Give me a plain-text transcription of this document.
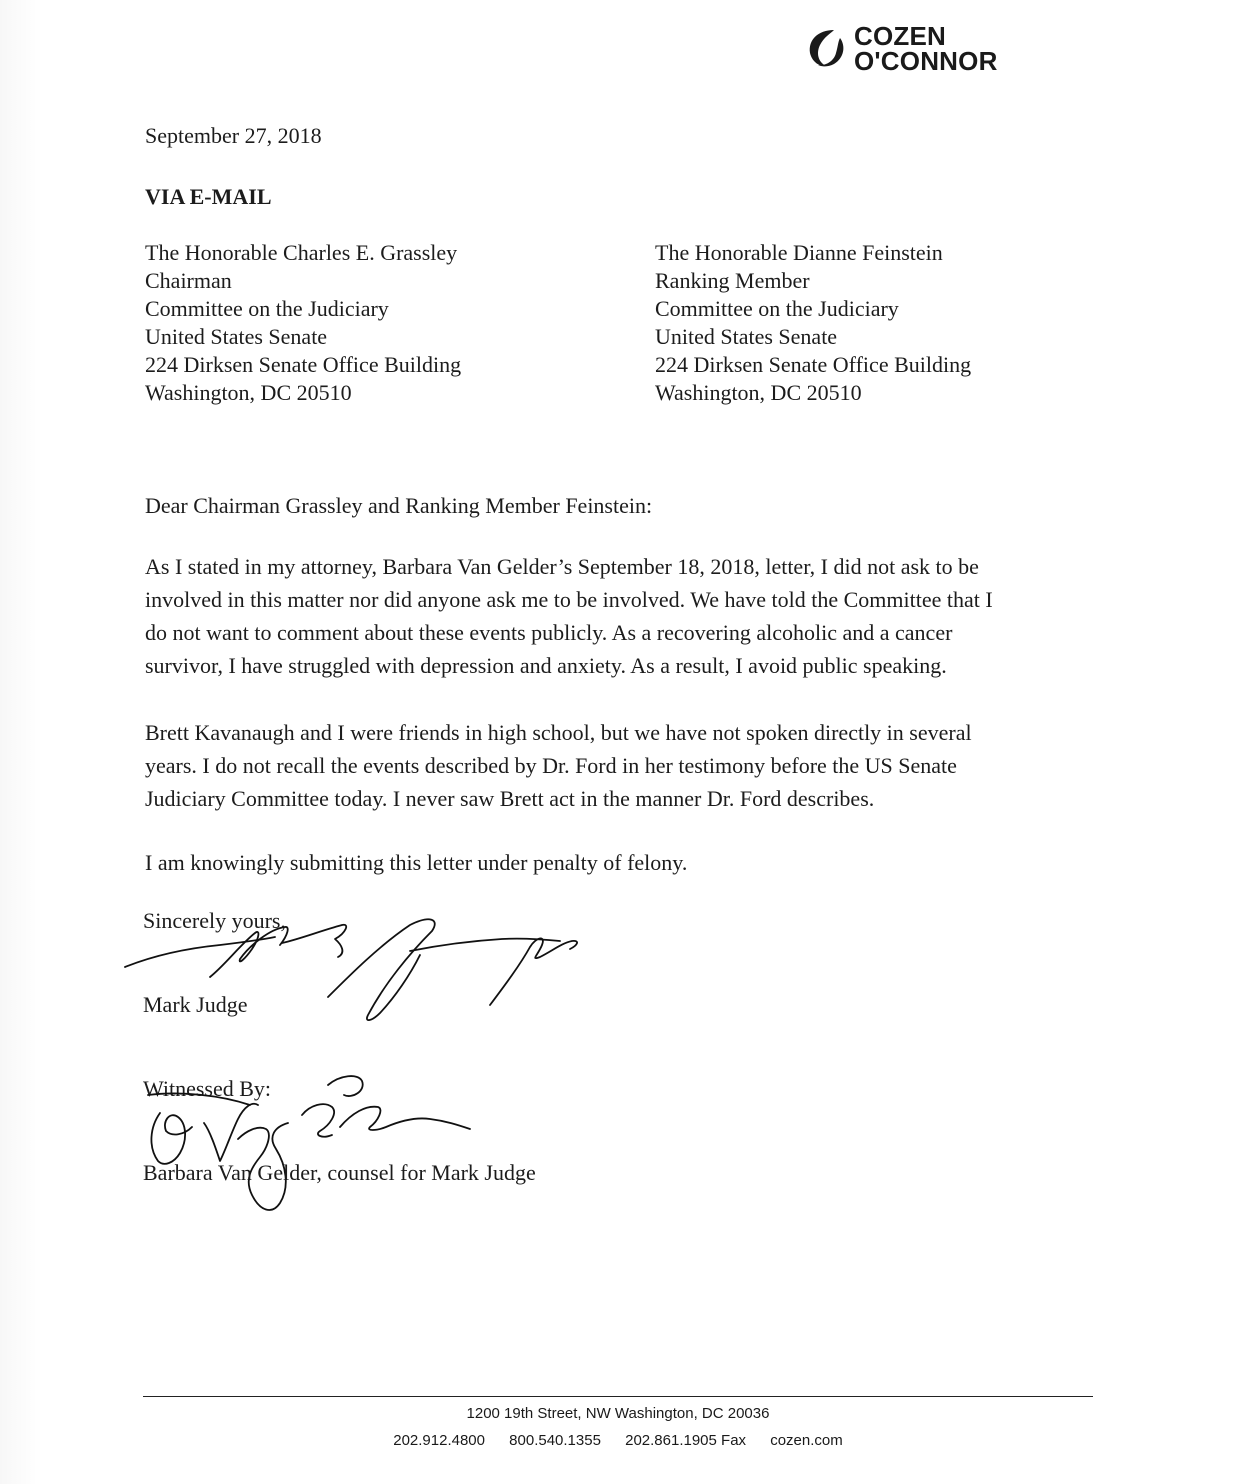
COZEN
O'CONNOR
September 27, 2018
VIA E-MAIL
The Honorable Charles E. Grassley
Chairman
Committee on the Judiciary
United States Senate
224 Dirksen Senate Office Building
Washington, DC 20510
The Honorable Dianne Feinstein
Ranking Member
Committee on the Judiciary
United States Senate
224 Dirksen Senate Office Building
Washington, DC 20510
Dear Chairman Grassley and Ranking Member Feinstein:
As I stated in my attorney, Barbara Van Gelder’s September 18, 2018, letter, I did not ask to be
involved in this matter nor did anyone ask me to be involved. We have told the Committee that I
do not want to comment about these events publicly. As a recovering alcoholic and a cancer
survivor, I have struggled with depression and anxiety. As a result, I avoid public speaking.
Brett Kavanaugh and I were friends in high school, but we have not spoken directly in several
years. I do not recall the events described by Dr. Ford in her testimony before the US Senate
Judiciary Committee today. I never saw Brett act in the manner Dr. Ford describes.
I am knowingly submitting this letter under penalty of felony.
Sincerely yours,
Mark Judge
Witnessed By:
Barbara Van Gelder, counsel for Mark Judge
1200 19th Street, NW Washington, DC 20036
202.912.4800 800.540.1355 202.861.1905 Fax cozen.com
